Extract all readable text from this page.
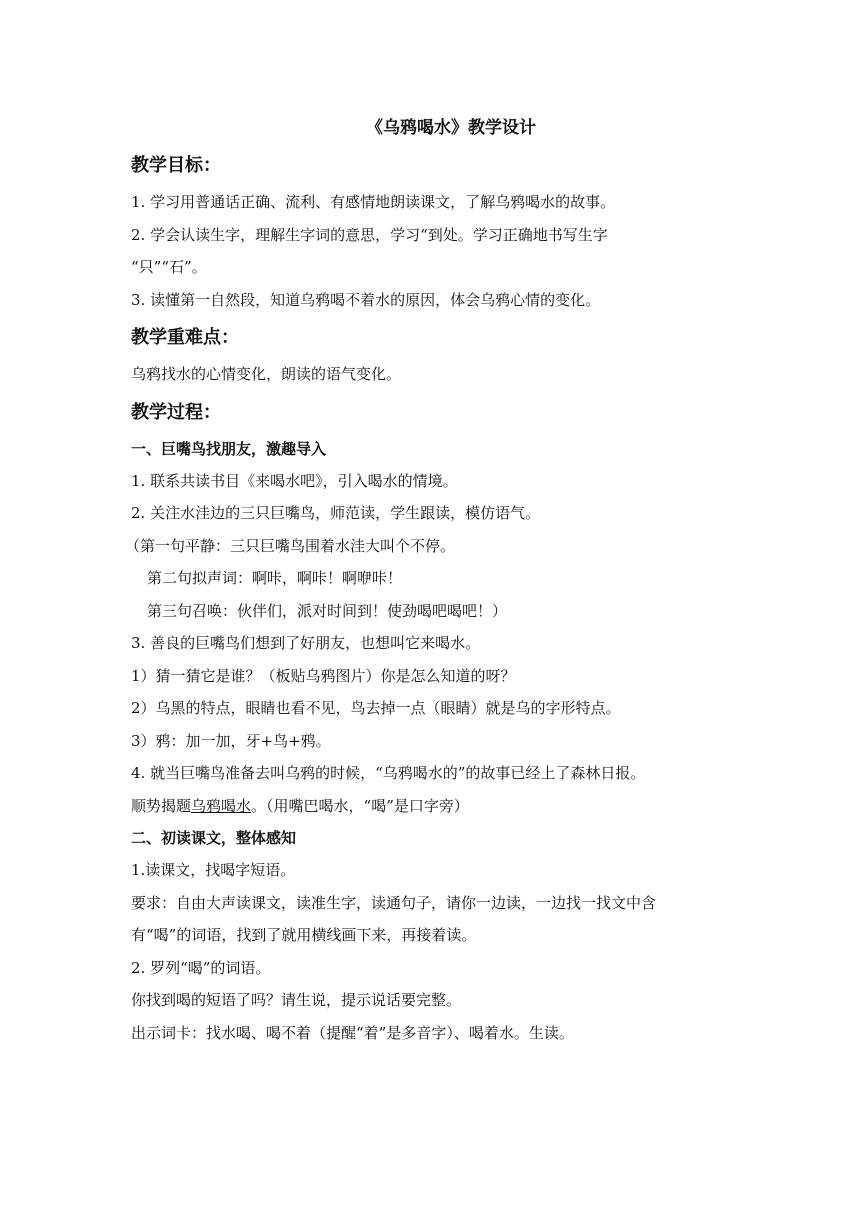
《乌鸦喝水》教学设计
教学目标：

1. 学习用普通话正确、流利、有感情地朗读课文，了解乌鸦喝水的故事。

2. 学会认读生字，理解生字词的意思，学习“到处。学习正确地书写生字

“只”“石”。

3. 读懂第一自然段，知道乌鸦喝不着水的原因，体会乌鸦心情的变化。

教学重难点：

乌鸦找水的心情变化，朗读的语气变化。

教学过程：
一、巨嘴鸟找朋友，激趣导入

1. 联系共读书目《来喝水吧》，引入喝水的情境。

2. 关注水洼边的三只巨嘴鸟，师范读，学生跟读，模仿语气。

（第一句平静：三只巨嘴鸟围着水洼大叫个不停。

第二句拟声词：啊咔，啊咔！啊咿咔！

第三句召唤：伙伴们，派对时间到！使劲喝吧喝吧！）

3. 善良的巨嘴鸟们想到了好朋友，也想叫它来喝水。

1）猜一猜它是谁？（板贴乌鸦图片）你是怎么知道的呀？

2）乌黑的特点，眼睛也看不见，鸟去掉一点（眼睛）就是乌的字形特点。

3）鸦：加一加，牙+鸟+鸦。

4. 就当巨嘴鸟准备去叫乌鸦的时候，“乌鸦喝水的”的故事已经上了森林日报。

顺势揭题乌鸦喝水。（用嘴巴喝水，“喝”是口字旁）

二、初读课文，整体感知

1.读课文，找喝字短语。

要求：自由大声读课文，读准生字，读通句子，请你一边读，一边找一找文中含

有“喝”的词语，找到了就用横线画下来，再接着读。

2. 罗列“喝”的词语。

你找到喝的短语了吗？请生说，提示说话要完整。

出示词卡：找水喝、喝不着（提醒“着”是多音字）、喝着水。生读。
